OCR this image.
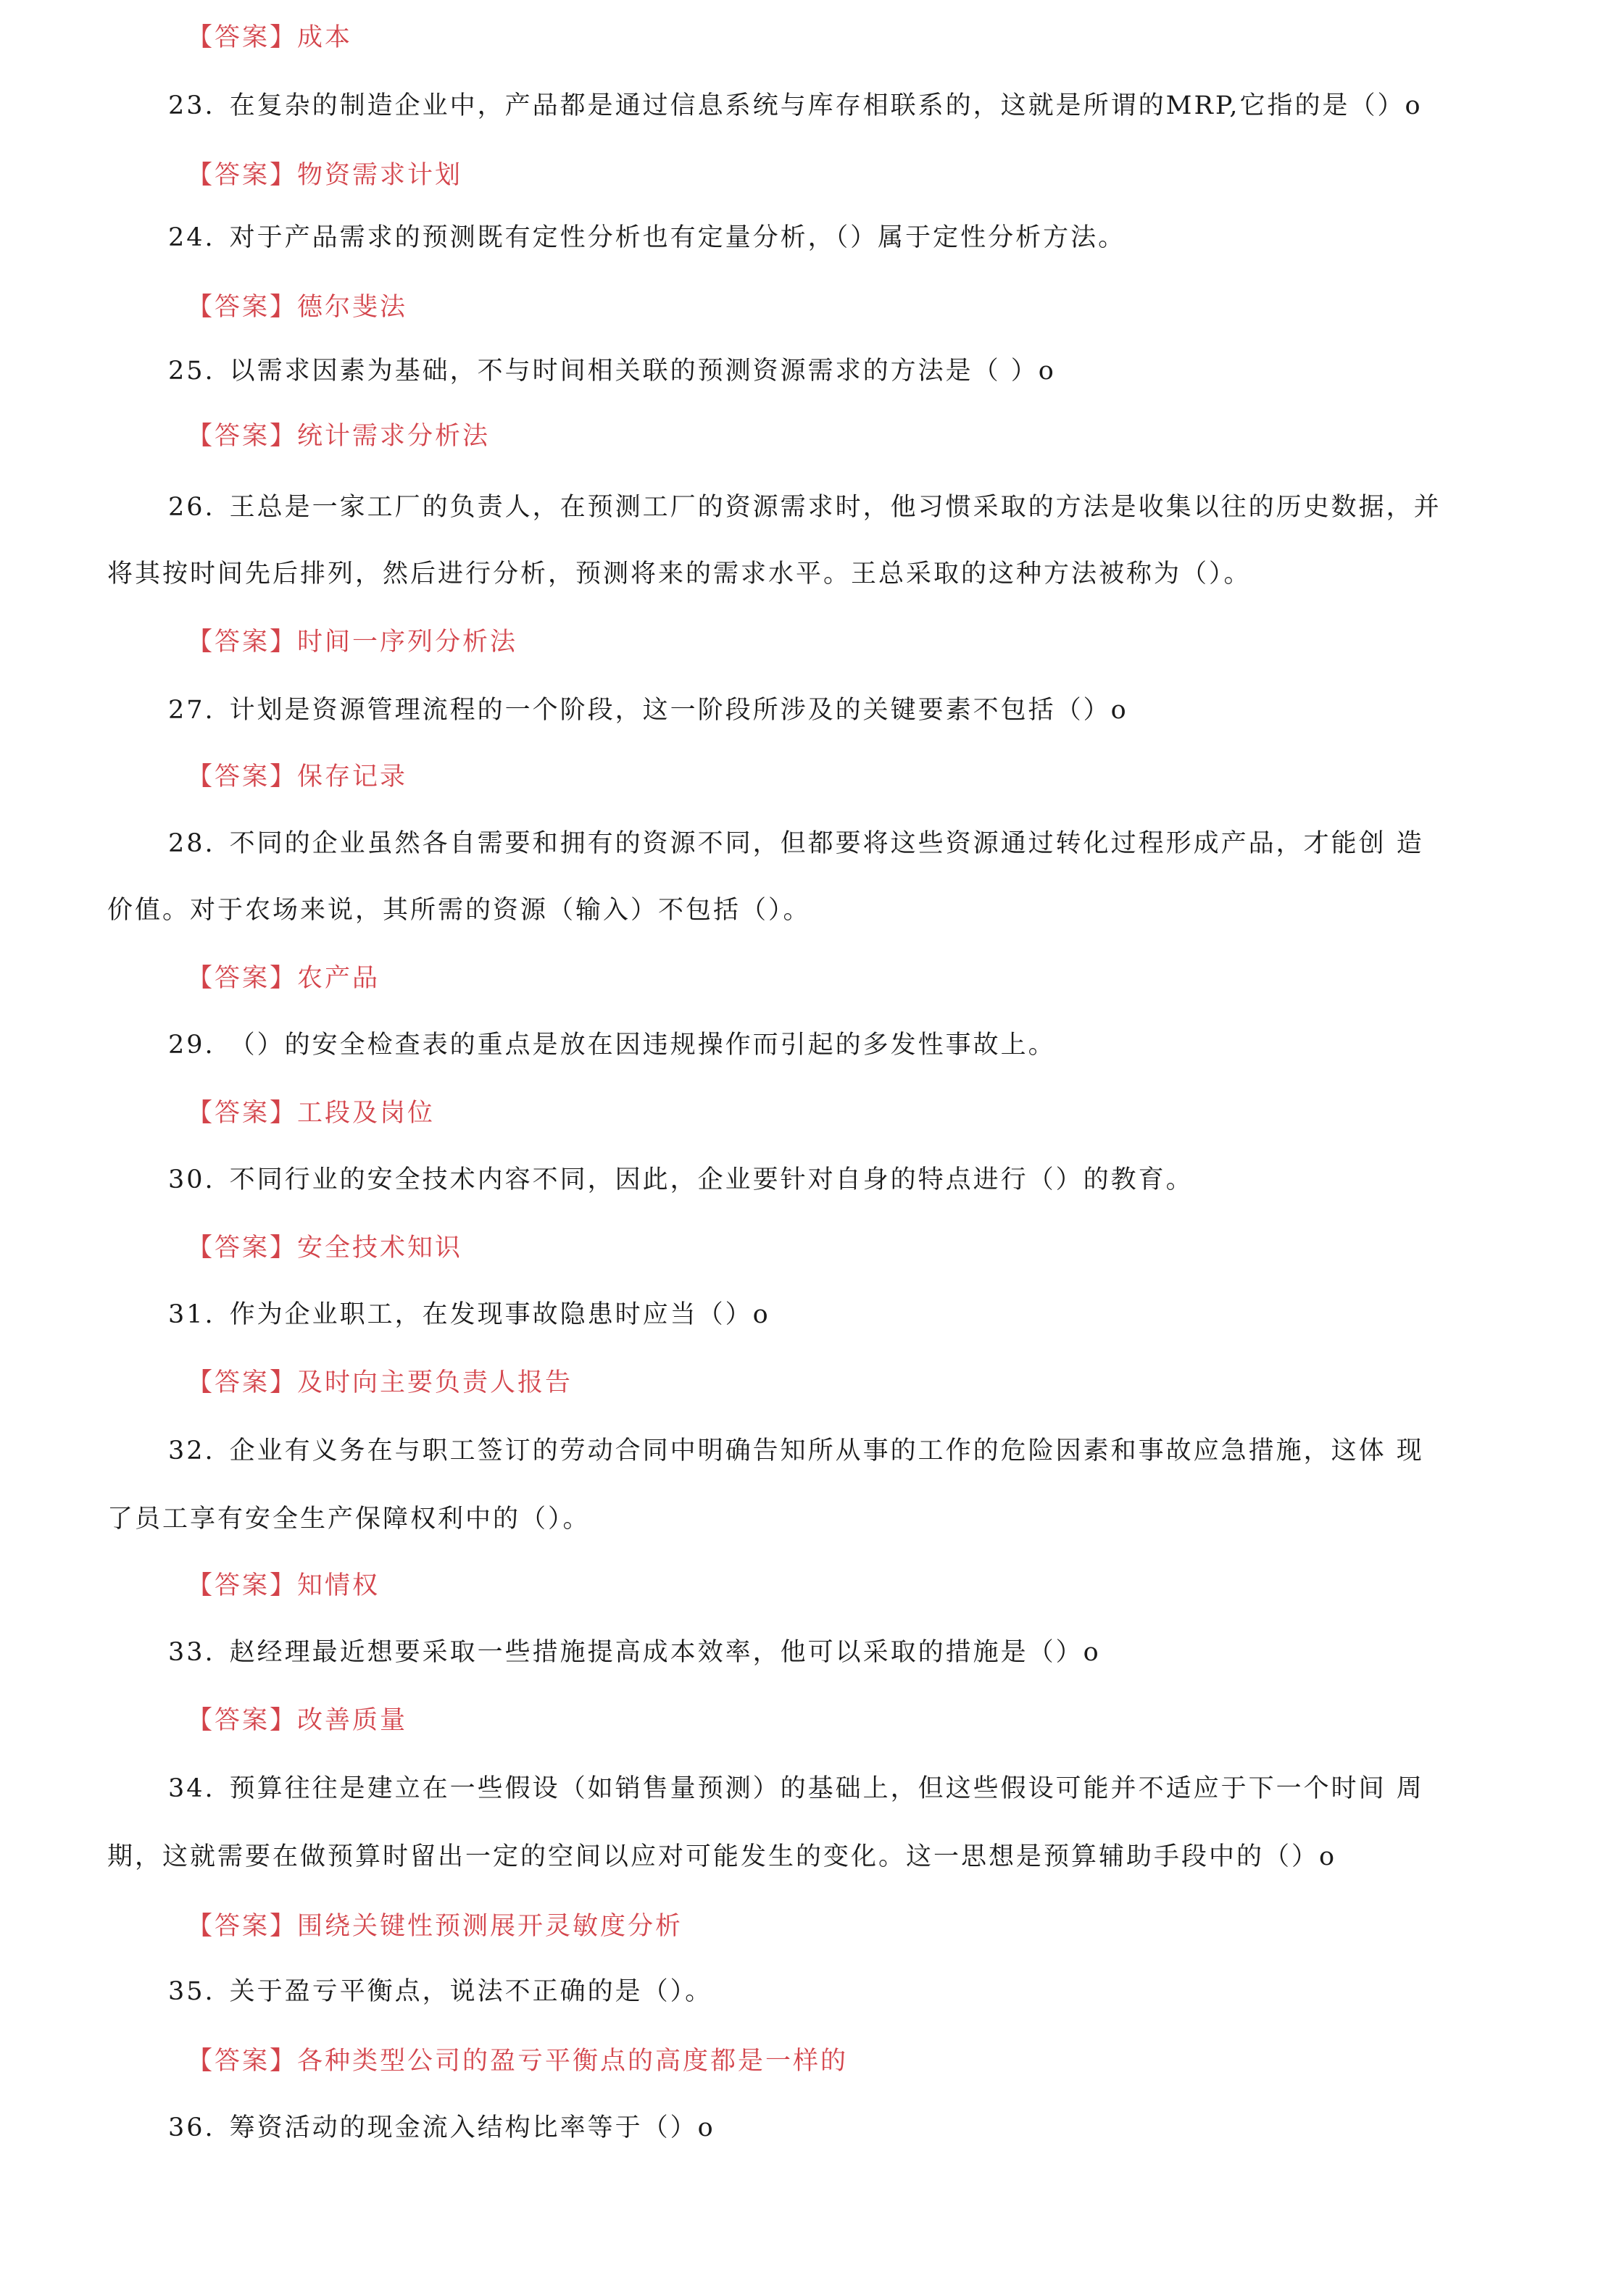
【答案】成本
23. 在复杂的制造企业中，产品都是通过信息系统与库存相联系的，这就是所谓的MRP,它指的是（）o
【答案】物资需求计划
24. 对于产品需求的预测既有定性分析也有定量分析，（）属于定性分析方法。
【答案】德尔斐法
25. 以需求因素为基础，不与时间相关联的预测资源需求的方法是（ ）o
【答案】统计需求分析法
26. 王总是一家工厂的负责人，在预测工厂的资源需求时，他习惯采取的方法是收集以往的历史数据，并
将其按时间先后排列，然后进行分析，预测将来的需求水平。王总采取的这种方法被称为（）。
【答案】时间一序列分析法
27. 计划是资源管理流程的一个阶段，这一阶段所涉及的关键要素不包括（）o
【答案】保存记录
28. 不同的企业虽然各自需要和拥有的资源不同，但都要将这些资源通过转化过程形成产品，才能创 造
价值。对于农场来说，其所需的资源（输入）不包括（）。
【答案】农产品
29. （）的安全检查表的重点是放在因违规操作而引起的多发性事故上。
【答案】工段及岗位
30. 不同行业的安全技术内容不同，因此，企业要针对自身的特点进行（）的教育。
【答案】安全技术知识
31. 作为企业职工，在发现事故隐患时应当（）o
【答案】及时向主要负责人报告
32. 企业有义务在与职工签订的劳动合同中明确告知所从事的工作的危险因素和事故应急措施，这体 现
了员工享有安全生产保障权利中的（）。
【答案】知情权
33. 赵经理最近想要采取一些措施提高成本效率，他可以采取的措施是（）o
【答案】改善质量
34. 预算往往是建立在一些假设（如销售量预测）的基础上，但这些假设可能并不适应于下一个时间 周
期，这就需要在做预算时留出一定的空间以应对可能发生的变化。这一思想是预算辅助手段中的（）o
【答案】围绕关键性预测展开灵敏度分析
35. 关于盈亏平衡点，说法不正确的是（）。
【答案】各种类型公司的盈亏平衡点的高度都是一样的
36. 筹资活动的现金流入结构比率等于（）o
